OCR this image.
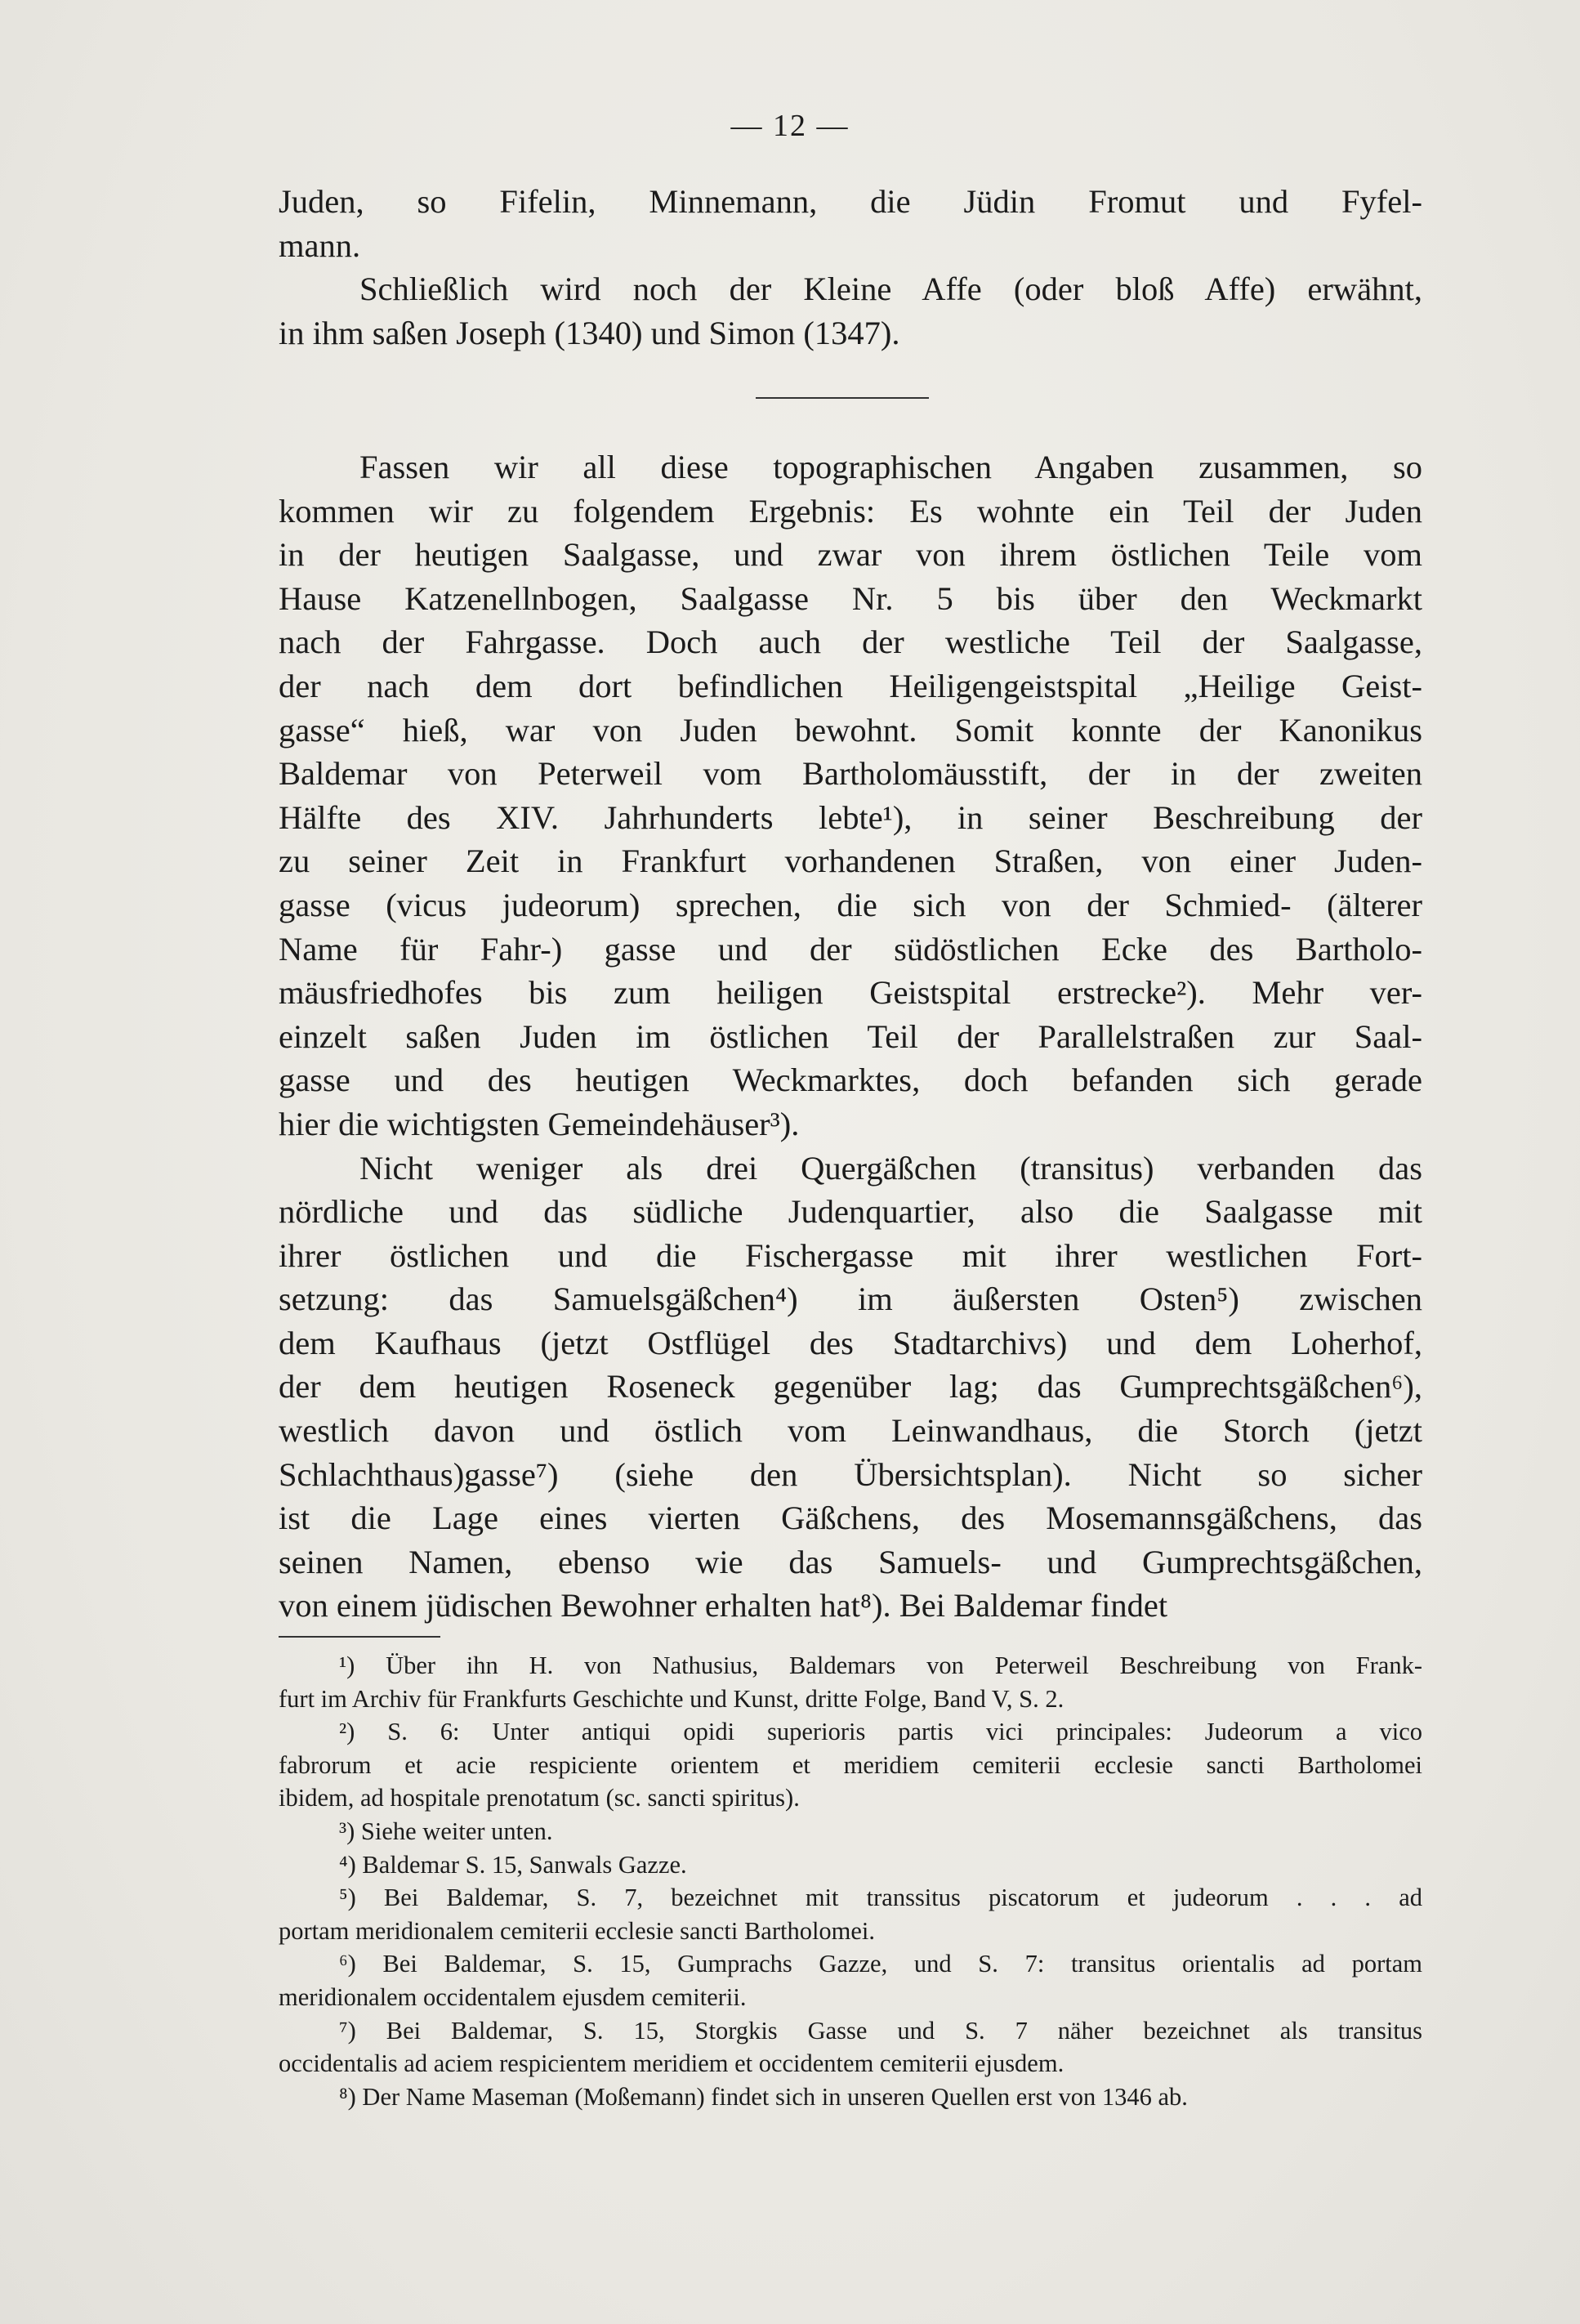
— 12 —
Juden, so Fifelin, Minnemann, die Jüdin Fromut und Fyfel-
mann.
Schließlich wird noch der Kleine Affe (oder bloß Affe) erwähnt,
in ihm saßen Joseph (1340) und Simon (1347).
Fassen wir all diese topographischen Angaben zusammen, so
kommen wir zu folgendem Ergebnis: Es wohnte ein Teil der Juden
in der heutigen Saalgasse, und zwar von ihrem östlichen Teile vom
Hause Katzenellnbogen, Saalgasse Nr. 5 bis über den Weckmarkt
nach der Fahrgasse. Doch auch der westliche Teil der Saalgasse,
der nach dem dort befindlichen Heiligengeistspital „Heilige Geist-
gasse“ hieß, war von Juden bewohnt. Somit konnte der Kanonikus
Baldemar von Peterweil vom Bartholomäusstift, der in der zweiten
Hälfte des XIV. Jahrhunderts lebte¹), in seiner Beschreibung der
zu seiner Zeit in Frankfurt vorhandenen Straßen, von einer Juden-
gasse (vicus judeorum) sprechen, die sich von der Schmied- (älterer
Name für Fahr-) gasse und der südöstlichen Ecke des Bartholo-
mäusfriedhofes bis zum heiligen Geistspital erstrecke²). Mehr ver-
einzelt saßen Juden im östlichen Teil der Parallelstraßen zur Saal-
gasse und des heutigen Weckmarktes, doch befanden sich gerade
hier die wichtigsten Gemeindehäuser³).
Nicht weniger als drei Quergäßchen (transitus) verbanden das
nördliche und das südliche Judenquartier, also die Saalgasse mit
ihrer östlichen und die Fischergasse mit ihrer westlichen Fort-
setzung: das Samuelsgäßchen⁴) im äußersten Osten⁵) zwischen
dem Kaufhaus (jetzt Ostflügel des Stadtarchivs) und dem Loherhof,
der dem heutigen Roseneck gegenüber lag; das Gumprechtsgäßchen⁶),
westlich davon und östlich vom Leinwandhaus, die Storch (jetzt
Schlachthaus)gasse⁷) (siehe den Übersichtsplan). Nicht so sicher
ist die Lage eines vierten Gäßchens, des Mosemannsgäßchens, das
seinen Namen, ebenso wie das Samuels- und Gumprechtsgäßchen,
von einem jüdischen Bewohner erhalten hat⁸). Bei Baldemar findet
¹) Über ihn H. von Nathusius, Baldemars von Peterweil Beschreibung von Frank-
furt im Archiv für Frankfurts Geschichte und Kunst, dritte Folge, Band V, S. 2.
²) S. 6: Unter antiqui opidi superioris partis vici principales: Judeorum a vico
fabrorum et acie respiciente orientem et meridiem cemiterii ecclesie sancti Bartholomei
ibidem, ad hospitale prenotatum (sc. sancti spiritus).
³) Siehe weiter unten.
⁴) Baldemar S. 15, Sanwals Gazze.
⁵) Bei Baldemar, S. 7, bezeichnet mit transsitus piscatorum et judeorum . . . ad
portam meridionalem cemiterii ecclesie sancti Bartholomei.
⁶) Bei Baldemar, S. 15, Gumprachs Gazze, und S. 7: transitus orientalis ad portam
meridionalem occidentalem ejusdem cemiterii.
⁷) Bei Baldemar, S. 15, Storgkis Gasse und S. 7 näher bezeichnet als transitus
occidentalis ad aciem respicientem meridiem et occidentem cemiterii ejusdem.
⁸) Der Name Maseman (Moßemann) findet sich in unseren Quellen erst von 1346 ab.
